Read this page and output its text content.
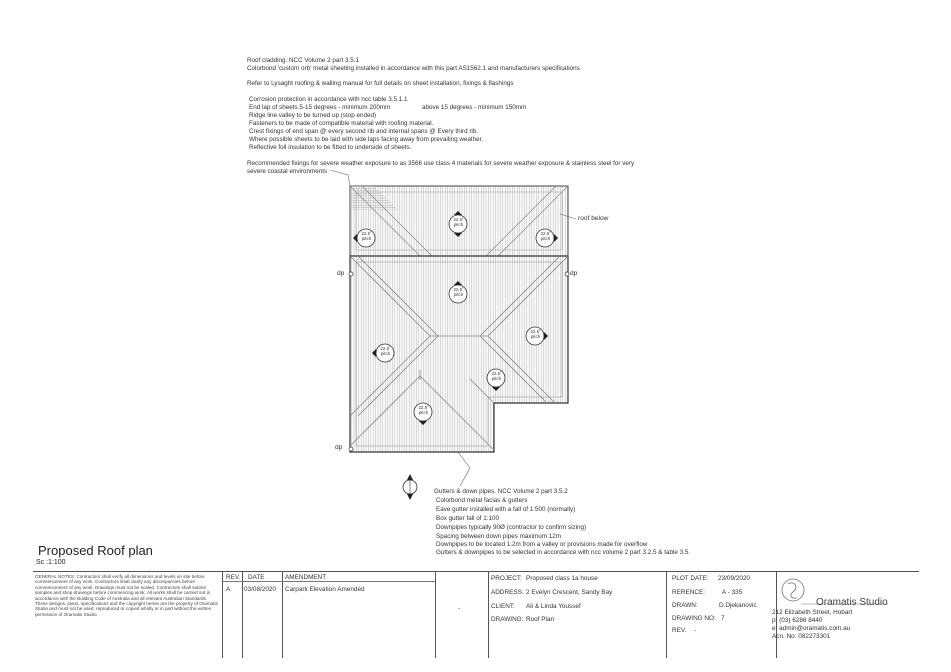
Roof cladding. NCC Volume 2 part 3.5.1
Colorbond 'custom orb' metal sheeting installed in accordance with this part AS1562.1 and manufacturers specifications
Refer to Lysaght roofing & walling manual for full details on sheet installation, fixings & flashings
Corrosion protection in accordance with ncc table 3.5.1.1
End lap of sheets 5-15 degrees - minimum 200mm	above 15 degrees - minimum 150mm
Ridge line valley to be turned up (stop ended)
Fasteners to be made of compatible material with roofing material.
Crest fixings of end span @ every second rib and internal spans @ Every third rib.
Where possible sheets to be laid with side laps facing away from prevailing weather.
Reflective foil insulation to be fitted to underside of sheets.
Recommended fixings for severe weather exposure to as 3566 use class 4 materials for severe weather exposure & stainless steel for very
severe coastal environments
22.5˚
pitch
22.5˚
pitch
22.5˚
pitch
22.5˚
pitch
22.5˚
pitch
22.5˚
pitch
22.5˚
pitch
22.5˚
pitch
roof below
dp	dp
dp
Gutters & down pipes. NCC Volume 2 part 3.5.2
Colorbond metal facias & gutters
Eave gutter installed with a fall of 1:500 (normally)
Box gutter fall of 1:100
Downpipes typically 90Ø (contractor to confirm sizing)
Spacing between down pipes maximum 12m
Downpipes to be located 1.2m from a valley or provisions made for overflow
Gutters & downpipes to be selected in accordance with ncc volume 2 part 3.2.5 & table 3.5.
Proposed Roof plan
Sc :1:100
GENERAL NOTES: Contractors shall verify all dimensions and levels on site before commencement of any work. Contractors shall clarify any discrepancies before commencement of any work. Drawings must not be scaled. Contractors shall submit samples and shop drawings before commencing work. All works shall be carried out in accordance with the Building Code of Australia and all relevant Australian Standards. These designs, plans, specifications and the copyright herein are the property of Oramatis Studio and must not be used, reproduced or copied wholly or in part without the written permission of Oramatis Studio.
REV. DATE	AMENDMENT
A 03/08/2020 Carpark Elevation Amended
-
PROJECT: Proposed class 1a house
ADDRESS: 2 Evelyn Crescent, Sandy Bay
CLIENT: Ali & Linda Youssef
DRAWING: Roof Plan
PLOT DATE: 23/09/2020
RERENCE:	A - 335
DRAWN:	D.Djekanovic
DRAWING NO: 7
REV. -
Oramatis Studio
212 Elizabeth Street, Hobart
p: (03) 6286 8440
e: admin@oramatis.com.au
Acn. No: 082273301
